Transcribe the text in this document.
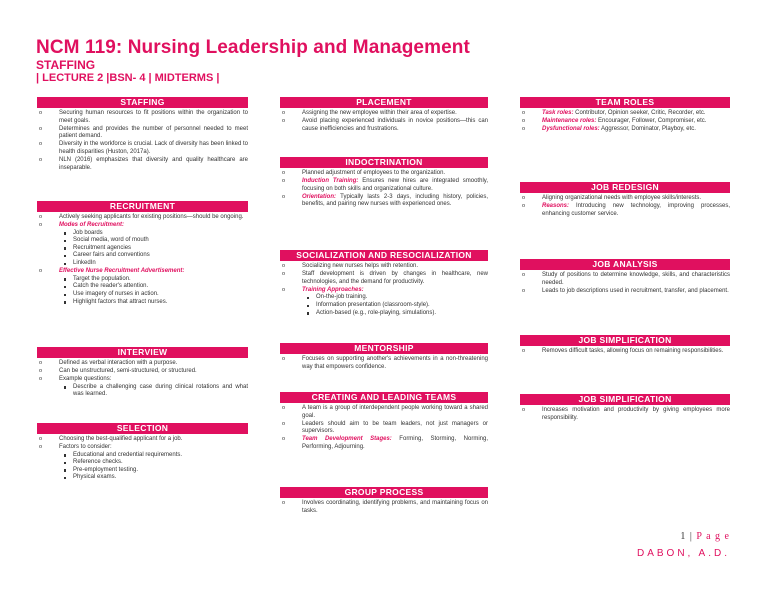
NCM 119: Nursing Leadership and Management
STAFFING
| LECTURE 2 |BSN- 4 | MIDTERMS |
STAFFING
o Securing human resources to fit positions within the organization to meet goals.
o Determines and provides the number of personnel needed to meet patient demand.
o Diversity in the workforce is crucial. Lack of diversity has been linked to health disparities (Huston, 2017a).
o NLN (2016) emphasizes that diversity and quality healthcare are inseparable.
RECRUITMENT
o Actively seeking applicants for existing positions—should be ongoing.
o Modes of Recruitment:
Job boards
Social media, word of mouth
Recruitment agencies
Career fairs and conventions
LinkedIn
o Effective Nurse Recruitment Advertisement:
Target the population.
Catch the reader's attention.
Use imagery of nurses in action.
Highlight factors that attract nurses.
INTERVIEW
o Defined as verbal interaction with a purpose.
o Can be unstructured, semi-structured, or structured.
o Example questions:
Describe a challenging case during clinical rotations and what was learned.
SELECTION
o Choosing the best-qualified applicant for a job.
o Factors to consider:
Educational and credential requirements.
Reference checks.
Pre-employment testing.
Physical exams.
PLACEMENT
o Assigning the new employee within their area of expertise.
o Avoid placing experienced individuals in novice positions—this can cause inefficiencies and frustrations.
INDOCTRINATION
o Planned adjustment of employees to the organization.
o Induction Training: Ensures new hires are integrated smoothly, focusing on both skills and organizational culture.
o Orientation: Typically lasts 2-3 days, including history, policies, benefits, and pairing new nurses with experienced ones.
SOCIALIZATION AND RESOCIALIZATION
o Socializing new nurses helps with retention.
o Staff development is driven by changes in healthcare, new technologies, and the demand for productivity.
o Training Approaches:
On-the-job training.
Information presentation (classroom-style).
Action-based (e.g., role-playing, simulations).
MENTORSHIP
o Focuses on supporting another's achievements in a non-threatening way that empowers confidence.
CREATING AND LEADING TEAMS
o A team is a group of interdependent people working toward a shared goal.
o Leaders should aim to be team leaders, not just managers or supervisors.
o Team Development Stages: Forming, Storming, Norming, Performing, Adjourning.
GROUP PROCESS
o Involves coordinating, identifying problems, and maintaining focus on tasks.
TEAM ROLES
o Task roles: Contributor, Opinion seeker, Critic, Recorder, etc.
o Maintenance roles: Encourager, Follower, Compromiser, etc.
o Dysfunctional roles: Aggressor, Dominator, Playboy, etc.
JOB REDESIGN
o Aligning organizational needs with employee skills/interests.
o Reasons: Introducing new technology, improving processes, enhancing customer service.
JOB ANALYSIS
o Study of positions to determine knowledge, skills, and characteristics needed.
o Leads to job descriptions used in recruitment, transfer, and placement.
JOB SIMPLIFICATION
o Removes difficult tasks, allowing focus on remaining responsibilities.
JOB SIMPLIFICATION
o Increases motivation and productivity by giving employees more responsibility.
1 | P a g e
DABON, A.D.
